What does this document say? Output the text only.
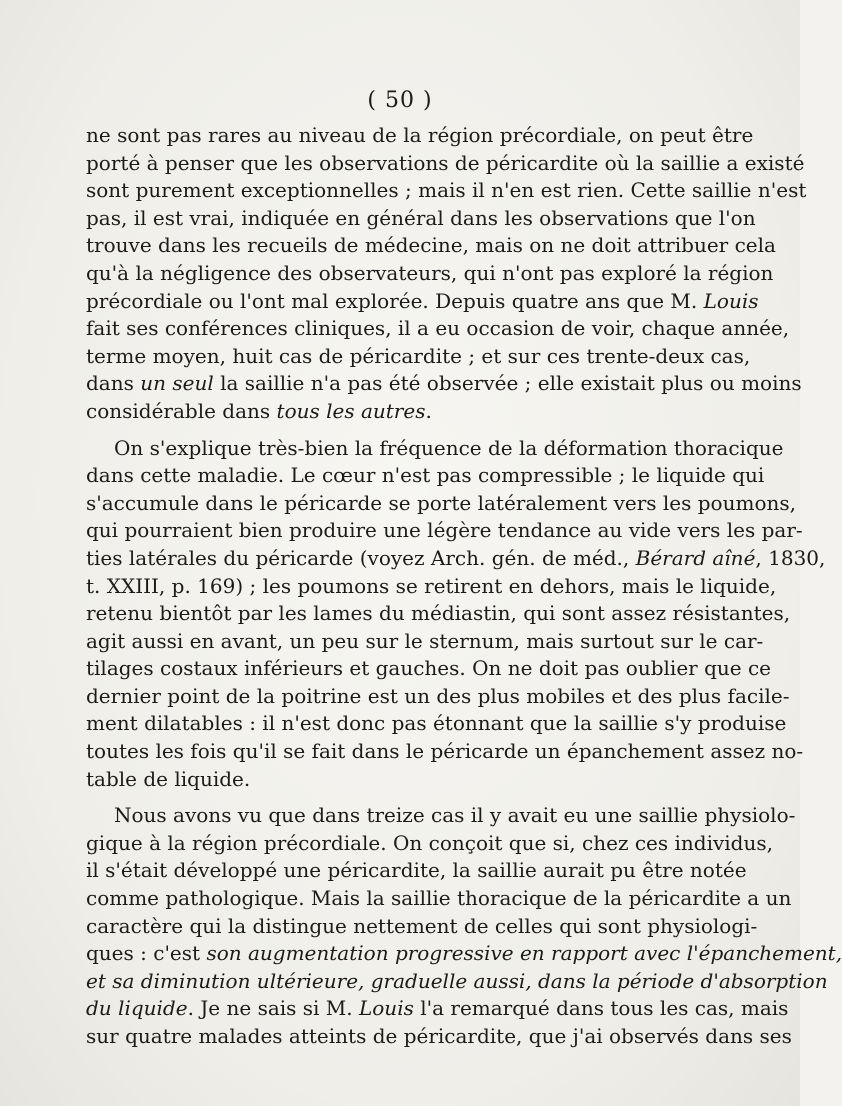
( 50 )
ne sont pas rares au niveau de la région précordiale, on peut être
porté à penser que les observations de péricardite où la saillie a existé
sont purement exceptionnelles ; mais il n'en est rien. Cette saillie n'est
pas, il est vrai, indiquée en général dans les observations que l'on
trouve dans les recueils de médecine, mais on ne doit attribuer cela
qu'à la négligence des observateurs, qui n'ont pas exploré la région
précordiale ou l'ont mal explorée. Depuis quatre ans que M. Louis
fait ses conférences cliniques, il a eu occasion de voir, chaque année,
terme moyen, huit cas de péricardite ; et sur ces trente-deux cas,
dans un seul la saillie n'a pas été observée ; elle existait plus ou moins
considérable dans tous les autres.
On s'explique très-bien la fréquence de la déformation thoracique
dans cette maladie. Le cœur n'est pas compressible ; le liquide qui
s'accumule dans le péricarde se porte latéralement vers les poumons,
qui pourraient bien produire une légère tendance au vide vers les par-
ties latérales du péricarde (voyez Arch. gén. de méd., Bérard aîné, 1830,
t. XXIII, p. 169) ; les poumons se retirent en dehors, mais le liquide,
retenu bientôt par les lames du médiastin, qui sont assez résistantes,
agit aussi en avant, un peu sur le sternum, mais surtout sur le car-
tilages costaux inférieurs et gauches. On ne doit pas oublier que ce
dernier point de la poitrine est un des plus mobiles et des plus facile-
ment dilatables : il n'est donc pas étonnant que la saillie s'y produise
toutes les fois qu'il se fait dans le péricarde un épanchement assez no-
table de liquide.
Nous avons vu que dans treize cas il y avait eu une saillie physiolo-
gique à la région précordiale. On conçoit que si, chez ces individus,
il s'était développé une péricardite, la saillie aurait pu être notée
comme pathologique. Mais la saillie thoracique de la péricardite a un
caractère qui la distingue nettement de celles qui sont physiologi-
ques : c'est son augmentation progressive en rapport avec l'épanchement,
et sa diminution ultérieure, graduelle aussi, dans la période d'absorption
du liquide. Je ne sais si M. Louis l'a remarqué dans tous les cas, mais
sur quatre malades atteints de péricardite, que j'ai observés dans ses
